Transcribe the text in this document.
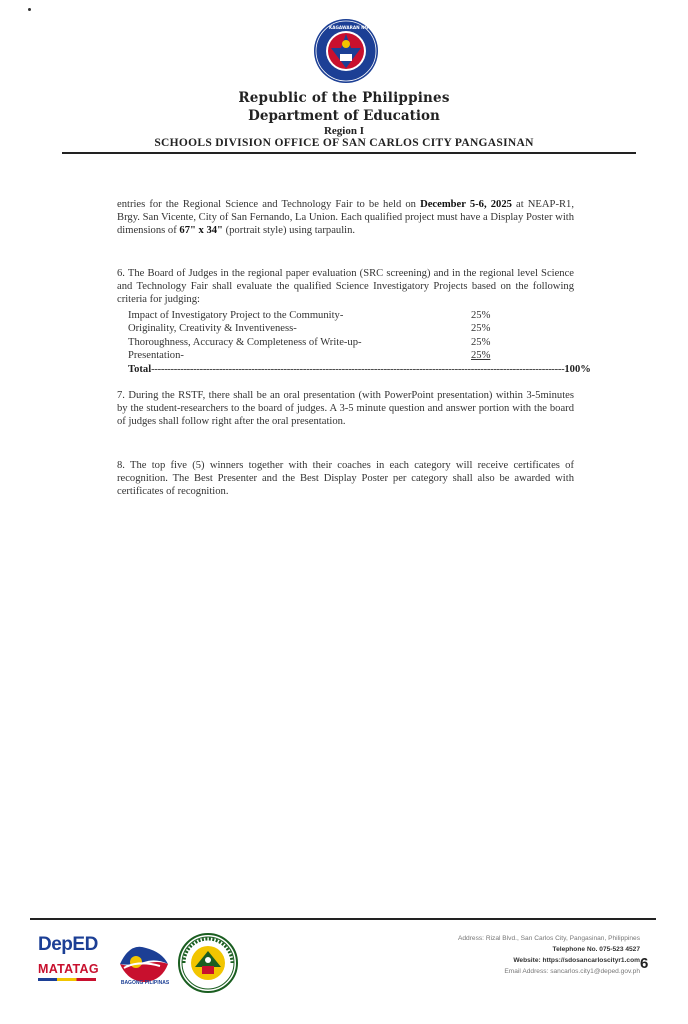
KAGAWARAN NG EDUKASYON
Republic of the Philippines
Department of Education
Region I
SCHOOLS DIVISION OFFICE OF SAN CARLOS CITY PANGASINAN
entries for the Regional Science and Technology Fair to be held on December 5-6, 2025 at NEAP-R1, Brgy. San Vicente, City of San Fernando, La Union. Each qualified project must have a Display Poster with dimensions of 67" x 34" (portrait style) using tarpaulin.
6. The Board of Judges in the regional paper evaluation (SRC screening) and in the regional level Science and Technology Fair shall evaluate the qualified Science Investigatory Projects based on the following criteria for judging:
Impact of Investigatory Project to the Community-	25%
Originality, Creativity & Inventiveness-	25%
Thoroughness, Accuracy & Completeness of Write-up-	25%
Presentation-	25%
Total
-----	100%
7. During the RSTF, there shall be an oral presentation (with PowerPoint presentation) within 3-5minutes by the student-researchers to the board of judges. A 3-5 minute question and answer portion with the board of judges shall follow right after the oral presentation.
8. The top five (5) winners together with their coaches in each category will receive certificates of recognition. The Best Presenter and the Best Display Poster per category shall also be awarded with certificates of recognition.
DepED
MATATAG
BAGONG PILIPINAS
Address: Rizal Blvd., San Carlos City, Pangasinan, Philippines
Telephone No. 075-523 4527
Website: https://sdosancarloscityr1.com
Email Address: sancarlos.city1@deped.gov.ph 6
